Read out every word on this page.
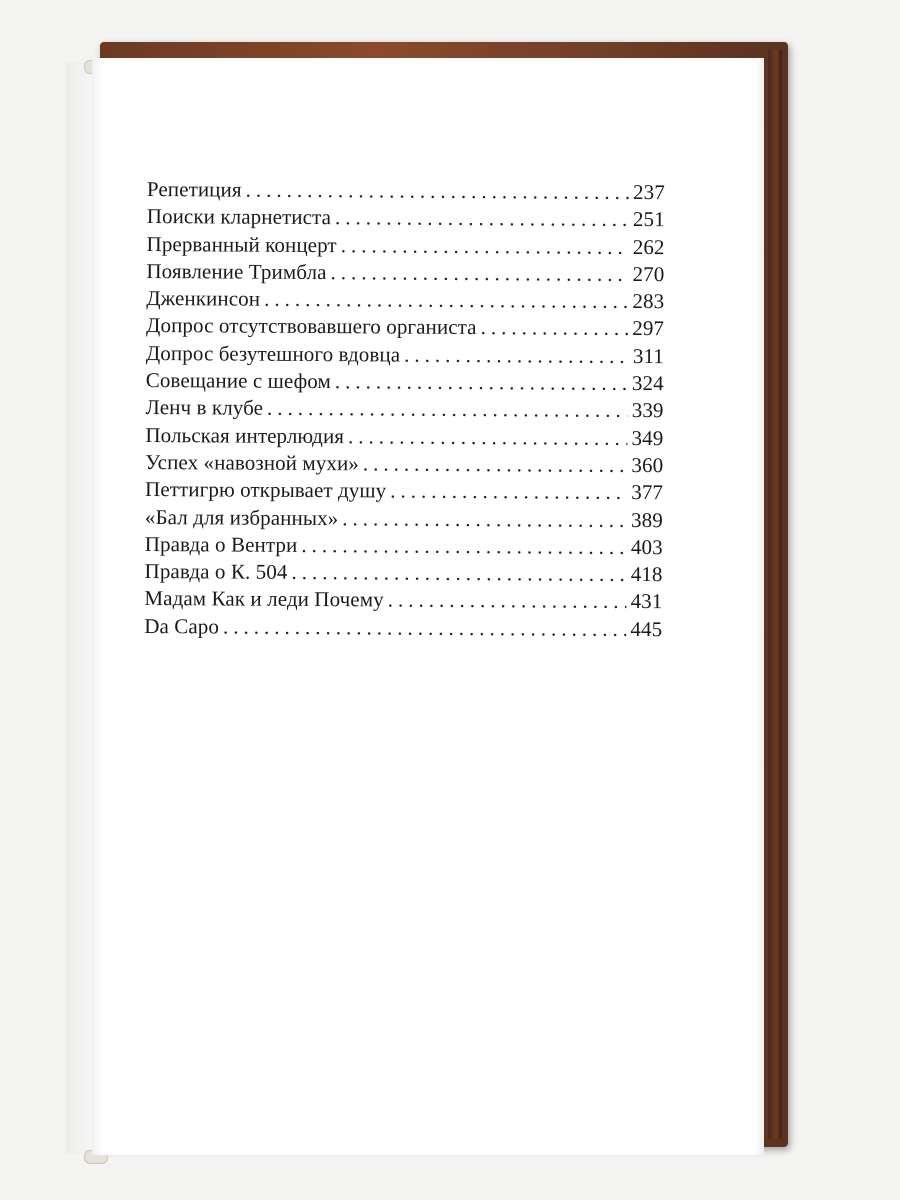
Репетиция .....	237
Поиски кларнетиста .....	251
Прерванный концерт .....	262
Появление Тримбла .....	270
Дженкинсон .....	283
Допрос отсутствовавшего органиста .....	297
Допрос безутешного вдовца .....	311
Совещание с шефом .....	324
Ленч в клубе .....	339
Польская интерлюдия .....	349
Успех «навозной мухи» .....	360
Петтигрю открывает душу .....	377
«Бал для избранных» .....	389
Правда о Вентри .....	403
Правда о К. 504 .....	418
Мадам Как и леди Почему .....	431
Da Capo .....	445
